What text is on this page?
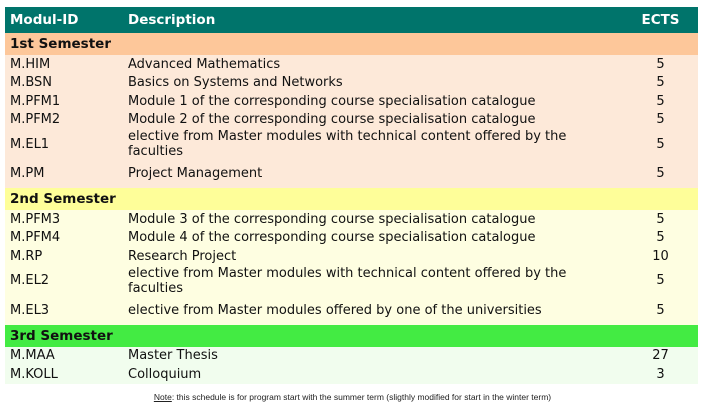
Modul-ID	Description	ECTS
1st Semester		
M.HIM	Advanced Mathematics	5
M.BSN	Basics on Systems and Networks	5
M.PFM1	Module 1 of the corresponding course specialisation catalogue	5
M.PFM2	Module 2 of the corresponding course specialisation catalogue	5
M.EL1	elective from Master modules with technical content offered by the faculties	5
M.PM	Project Management	5
2nd Semester		
M.PFM3	Module 3 of the corresponding course specialisation catalogue	5
M.PFM4	Module 4 of the corresponding course specialisation catalogue	5
M.RP	Research Project	10
M.EL2	elective from Master modules with technical content offered by the faculties	5
M.EL3	elective from Master modules offered by one of the universities	5
3rd Semester		
M.MAA	Master Thesis	27
M.KOLL	Colloquium	3
Note: this schedule is for program start with the summer term (sligthly modified for start in the winter term)
